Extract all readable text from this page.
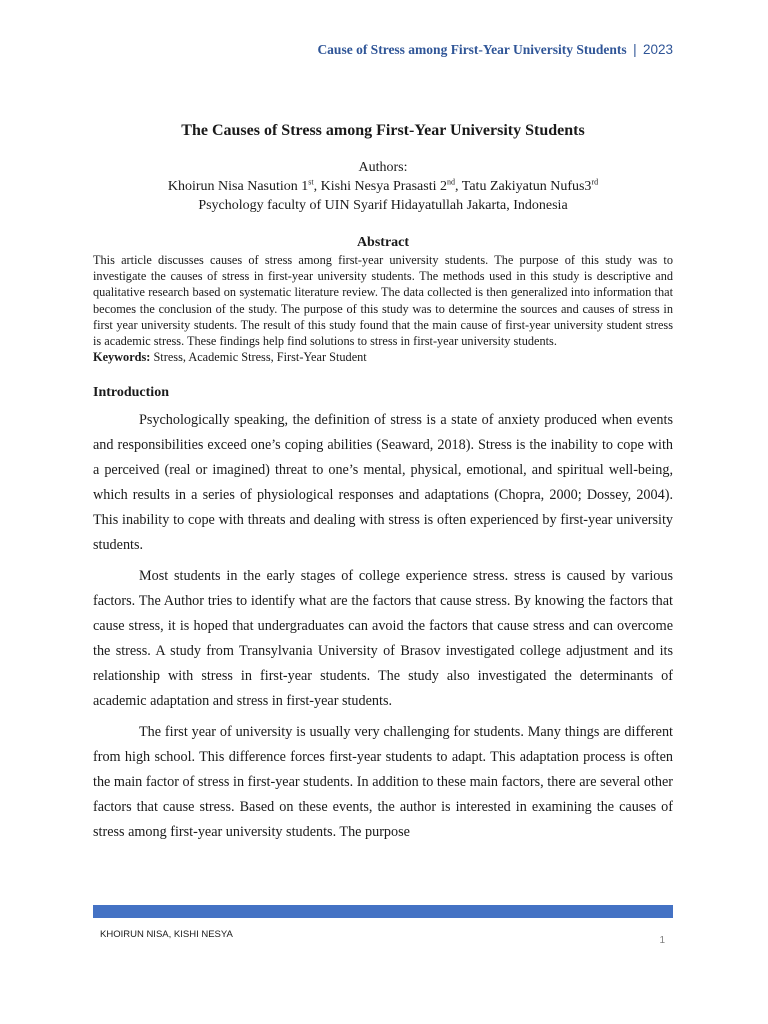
Cause of Stress among First-Year University Students | 2023
The Causes of Stress among First-Year University Students
Authors:
Khoirun Nisa Nasution 1st, Kishi Nesya Prasasti 2nd, Tatu Zakiyatun Nufus3rd
Psychology faculty of UIN Syarif Hidayatullah Jakarta, Indonesia
Abstract

This article discusses causes of stress among first-year university students. The purpose of this study was to investigate the causes of stress in first-year university students. The methods used in this study is descriptive and qualitative research based on systematic literature review. The data collected is then generalized into information that becomes the conclusion of the study. The purpose of this study was to determine the sources and causes of stress in first year university students. The result of this study found that the main cause of first-year university student stress is academic stress. These findings help find solutions to stress in first-year university students.

Keywords: Stress, Academic Stress, First-Year Student

Introduction

Psychologically speaking, the definition of stress is a state of anxiety produced when events and responsibilities exceed one’s coping abilities (Seaward, 2018). Stress is the inability to cope with a perceived (real or imagined) threat to one’s mental, physical, emotional, and spiritual well-being, which results in a series of physiological responses and adaptations (Chopra, 2000; Dossey, 2004). This inability to cope with threats and dealing with stress is often experienced by first-year university students.

Most students in the early stages of college experience stress. stress is caused by various factors. The Author tries to identify what are the factors that cause stress. By knowing the factors that cause stress, it is hoped that undergraduates can avoid the factors that cause stress and can overcome the stress. A study from Transylvania University of Brasov investigated college adjustment and its relationship with stress in first-year students. The study also investigated the determinants of academic adaptation and stress in first-year students.

The first year of university is usually very challenging for students. Many things are different from high school. This difference forces first-year students to adapt. This adaptation process is often the main factor of stress in first-year students. In addition to these main factors, there are several other factors that cause stress. Based on these events, the author is interested in examining the causes of stress among first-year university students. The purpose

KHOIRUN NISA, KISHI NESYA
1
